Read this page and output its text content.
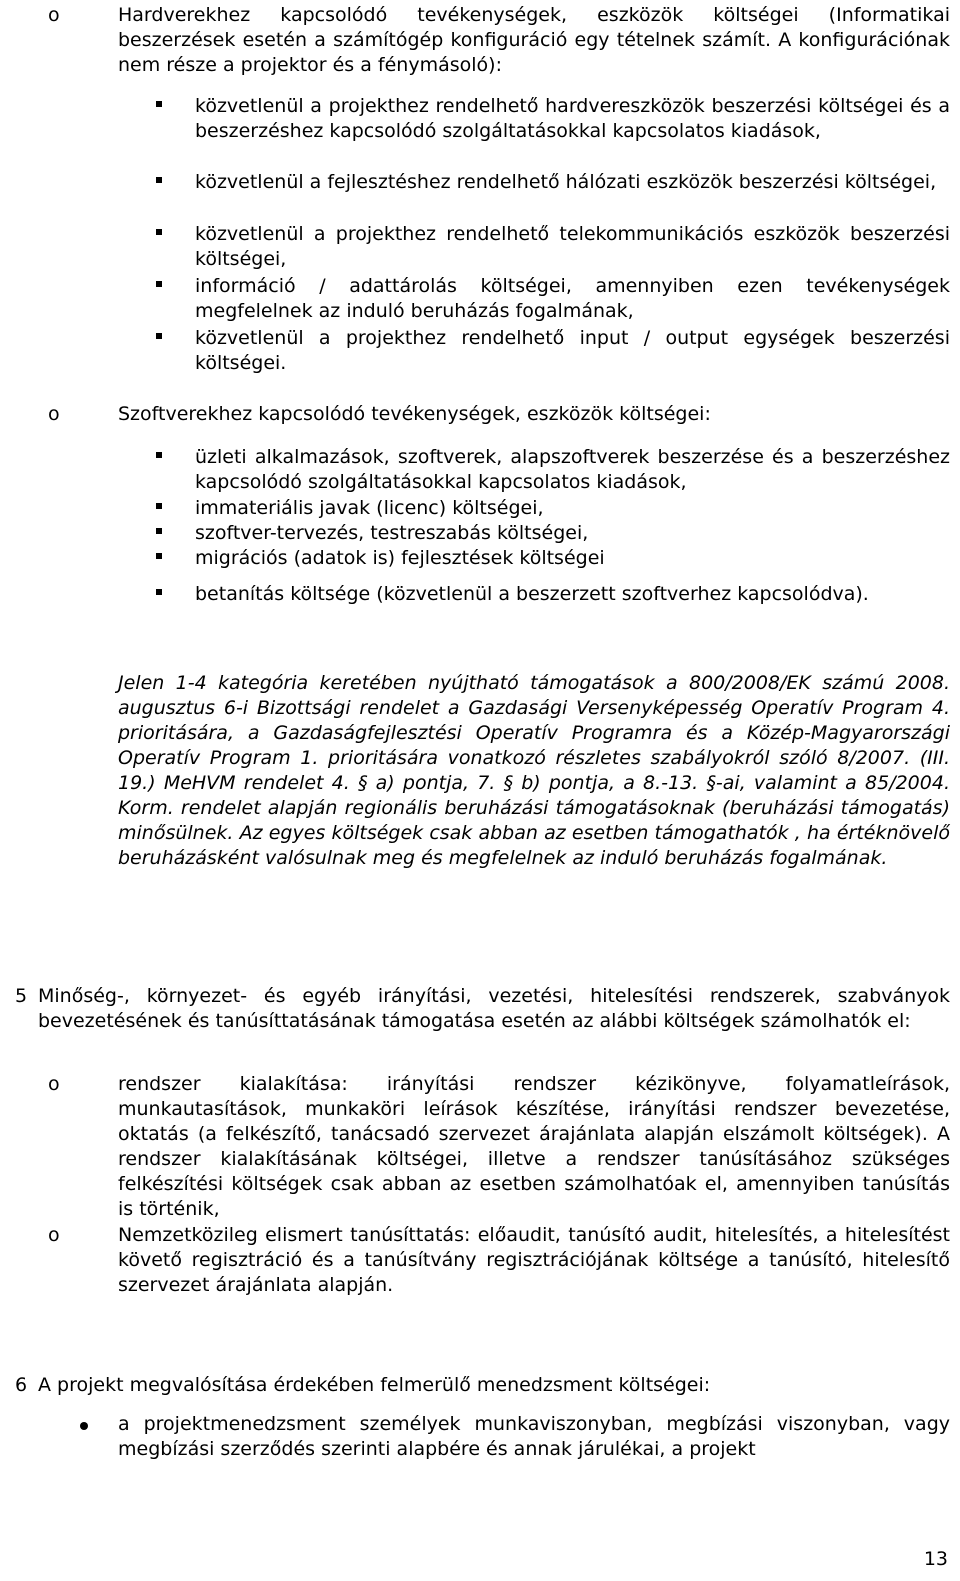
o	Hardverekhez kapcsolódó tevékenységek, eszközök költségei (Informatikai beszerzések esetén a számítógép konfiguráció egy tételnek számít. A konfigurációnak nem része a projektor és a fénymásoló):

közvetlenül a projekthez rendelhető hardvereszközök beszerzési költségei és a beszerzéshez kapcsolódó szolgáltatásokkal kapcsolatos kiadások,

közvetlenül a fejlesztéshez rendelhető hálózati eszközök beszerzési költségei,

közvetlenül a projekthez rendelhető telekommunikációs eszközök beszerzési költségei,

információ / adattárolás költségei, amennyiben ezen tevékenységek megfelelnek az induló beruházás fogalmának,

közvetlenül a projekthez rendelhető input / output egységek beszerzési költségei.

o	Szoftverekhez kapcsolódó tevékenységek, eszközök költségei:

üzleti alkalmazások, szoftverek, alapszoftverek beszerzése és a beszerzéshez kapcsolódó szolgáltatásokkal kapcsolatos kiadások,

immateriális javak (licenc) költségei,

szoftver-tervezés, testreszabás költségei,

migrációs (adatok is) fejlesztések költségei

betanítás költsége (közvetlenül a beszerzett szoftverhez kapcsolódva).

Jelen 1-4 kategória keretében nyújtható támogatások a 800/2008/EK számú 2008. augusztus 6-i Bizottsági rendelet a Gazdasági Versenyképesség Operatív Program 4. prioritására, a Gazdaságfejlesztési Operatív Programra és a Közép-Magyarországi Operatív Program 1. prioritására vonatkozó részletes szabályokról szóló 8/2007. (III. 19.) MeHVM rendelet 4. § a) pontja, 7. § b) pontja, a 8.-13. §-ai, valamint a 85/2004. Korm. rendelet alapján regionális beruházási támogatásoknak (beruházási támogatás) minősülnek. Az egyes költségek csak abban az esetben támogathatók , ha értéknövelő beruházásként valósulnak meg és megfelelnek az induló beruházás fogalmának.

5 Minőség-, környezet- és egyéb irányítási, vezetési, hitelesítési rendszerek, szabványok bevezetésének és tanúsíttatásának támogatása esetén az alábbi költségek számolhatók el:

o	rendszer kialakítása: irányítási rendszer kézikönyve, folyamatleírások, munkautasítások, munkaköri leírások készítése, irányítási rendszer bevezetése, oktatás (a felkészítő, tanácsadó szervezet árajánlata alapján elszámolt költségek). A rendszer kialakításának költségei, illetve a rendszer tanúsításához szükséges felkészítési költségek csak abban az esetben számolhatóak el, amennyiben tanúsítás is történik,

o	Nemzetközileg elismert tanúsíttatás: előaudit, tanúsító audit, hitelesítés, a hitelesítést követő regisztráció és a tanúsítvány regisztrációjának költsége a tanúsító, hitelesítő szervezet árajánlata alapján.

6 A projekt megvalósítása érdekében felmerülő menedzsment költségei:

a projektmenedzsment személyek munkaviszonyban, megbízási viszonyban, vagy megbízási szerződés szerinti alapbére és annak járulékai, a projekt

13
